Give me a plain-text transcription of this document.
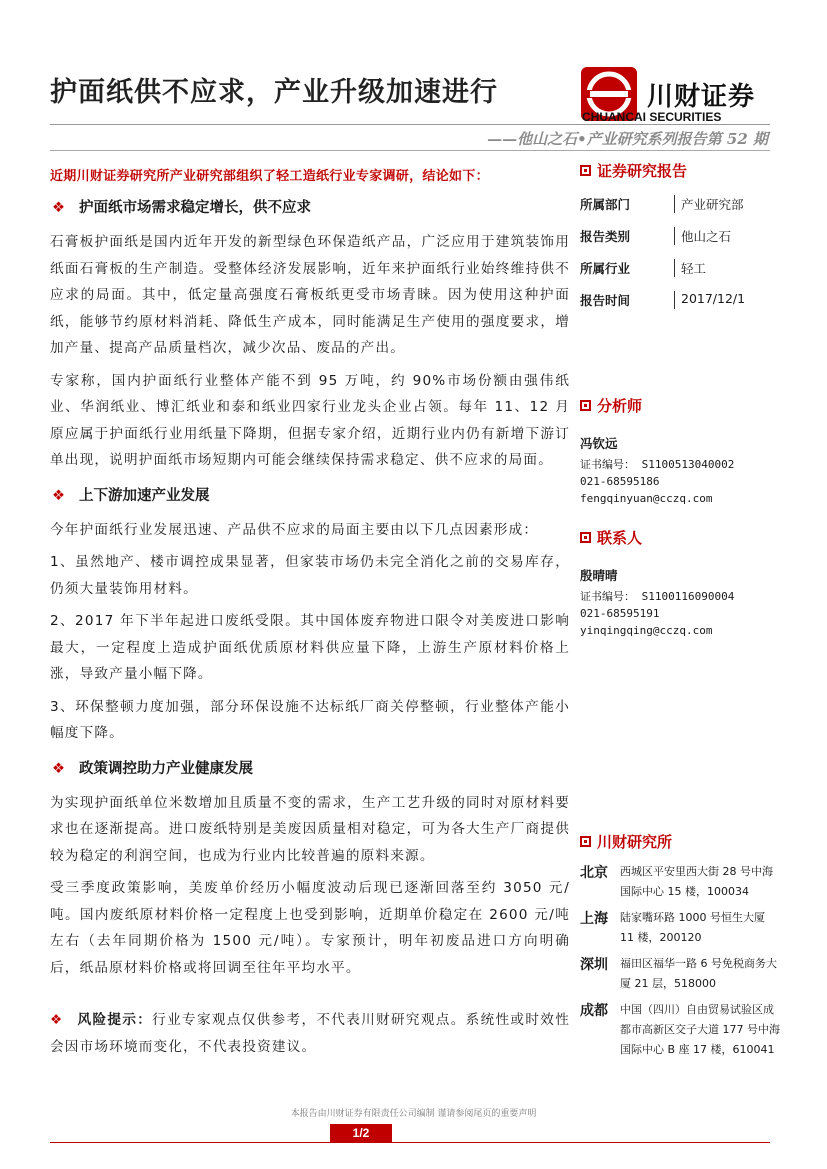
护面纸供不应求，产业升级加速进行	川财证券
CHUANCAI SECURITIES
——他山之石•产业研究系列报告第 52 期
近期川财证券研究所产业研究部组织了轻工造纸行业专家调研，结论如下：
❖ 护面纸市场需求稳定增长，供不应求

石膏板护面纸是国内近年开发的新型绿色环保造纸产品，广泛应用于建筑装饰用纸面石膏板的生产制造。受整体经济发展影响，近年来护面纸行业始终维持供不应求的局面。其中，低定量高强度石膏板纸更受市场青睐。因为使用这种护面纸，能够节约原材料消耗、降低生产成本，同时能满足生产使用的强度要求，增加产量、提高产品质量档次，减少次品、废品的产出。

专家称，国内护面纸行业整体产能不到 95 万吨，约 90%市场份额由强伟纸业、华润纸业、博汇纸业和泰和纸业四家行业龙头企业占领。每年 11、12 月原应属于护面纸行业用纸量下降期，但据专家介绍，近期行业内仍有新增下游订单出现，说明护面纸市场短期内可能会继续保持需求稳定、供不应求的局面。

❖ 上下游加速产业发展

今年护面纸行业发展迅速、产品供不应求的局面主要由以下几点因素形成：

1、虽然地产、楼市调控成果显著，但家装市场仍未完全消化之前的交易库存，仍须大量装饰用材料。

2、2017 年下半年起进口废纸受限。其中国体废弃物进口限令对美废进口影响最大，一定程度上造成护面纸优质原材料供应量下降，上游生产原材料价格上涨，导致产量小幅下降。

3、环保整顿力度加强，部分环保设施不达标纸厂商关停整顿，行业整体产能小幅度下降。

❖ 政策调控助力产业健康发展

为实现护面纸单位米数增加且质量不变的需求，生产工艺升级的同时对原材料要求也在逐渐提高。进口废纸特别是美废因质量相对稳定，可为各大生产厂商提供较为稳定的利润空间，也成为行业内比较普遍的原料来源。

受三季度政策影响，美废单价经历小幅度波动后现已逐渐回落至约 3050 元/吨。国内废纸原材料价格一定程度上也受到影响，近期单价稳定在 2600 元/吨左右（去年同期价格为 1500 元/吨）。专家预计，明年初废品进口方向明确后，纸品原材料价格或将回调至往年平均水平。

❖ 风险提示：行业专家观点仅供参考，不代表川财研究观点。系统性或时效性会因市场环境而变化，不代表投资建议。

证券研究报告
所属部门	产业研究部
报告类别	他山之石
所属行业	轻工
报告时间	2017/12/1
分析师
冯钦远
证书编号： S1100513040002
021-68595186
fengqinyuan@cczq.com
联系人
殷晴晴
证书编号： S1100116090004
021-68595191
yinqingqing@cczq.com
川财研究所
北京	西城区平安里西大街 28 号中海国际中心 15 楼，100034
上海	陆家嘴环路 1000 号恒生大厦 11 楼，200120
深圳	福田区福华一路 6 号免税商务大厦 21 层，518000
成都	中国（四川）自由贸易试验区成都市高新区交子大道 177 号中海国际中心 B 座 17 楼，610041
本报告由川财证券有限责任公司编制 谨请参阅尾页的重要声明
1/2
